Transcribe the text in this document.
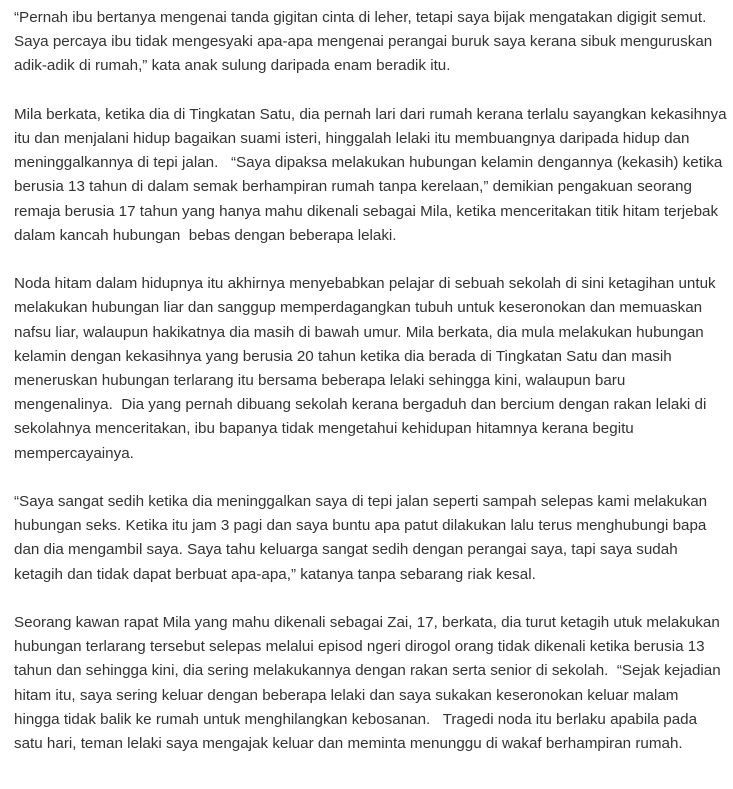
“Pernah ibu bertanya mengenai tanda gigitan cinta di leher, tetapi saya bijak mengatakan digigit semut. Saya percaya ibu tidak mengesyaki apa-apa mengenai perangai buruk saya kerana sibuk menguruskan adik-adik di rumah,” kata anak sulung daripada enam beradik itu.

Mila berkata, ketika dia di Tingkatan Satu, dia pernah lari dari rumah kerana terlalu sayangkan kekasihnya itu dan menjalani hidup bagaikan suami isteri, hinggalah lelaki itu membuangnya daripada hidup dan meninggalkannya di tepi jalan.   “Saya dipaksa melakukan hubungan kelamin dengannya (kekasih) ketika berusia 13 tahun di dalam semak berhampiran rumah tanpa kerelaan,” demikian pengakuan seorang remaja berusia 17 tahun yang hanya mahu dikenali sebagai Mila, ketika menceritakan titik hitam terjebak dalam kancah hubungan  bebas dengan beberapa lelaki.

Noda hitam dalam hidupnya itu akhirnya menyebabkan pelajar di sebuah sekolah di sini ketagihan untuk melakukan hubungan liar dan sanggup memperdagangkan tubuh untuk keseronokan dan memuaskan nafsu liar, walaupun hakikatnya dia masih di bawah umur. Mila berkata, dia mula melakukan hubungan kelamin dengan kekasihnya yang berusia 20 tahun ketika dia berada di Tingkatan Satu dan masih meneruskan hubungan terlarang itu bersama beberapa lelaki sehingga kini, walaupun baru mengenalinya.  Dia yang pernah dibuang sekolah kerana bergaduh dan bercium dengan rakan lelaki di sekolahnya menceritakan, ibu bapanya tidak mengetahui kehidupan hitamnya kerana begitu mempercayainya.

“Saya sangat sedih ketika dia meninggalkan saya di tepi jalan seperti sampah selepas kami melakukan hubungan seks. Ketika itu jam 3 pagi dan saya buntu apa patut dilakukan lalu terus menghubungi bapa dan dia mengambil saya. Saya tahu keluarga sangat sedih dengan perangai saya, tapi saya sudah ketagih dan tidak dapat berbuat apa-apa,” katanya tanpa sebarang riak kesal.

Seorang kawan rapat Mila yang mahu dikenali sebagai Zai, 17, berkata, dia turut ketagih utuk melakukan hubungan terlarang tersebut selepas melalui episod ngeri dirogol orang tidak dikenali ketika berusia 13 tahun dan sehingga kini, dia sering melakukannya dengan rakan serta senior di sekolah.  “Sejak kejadian hitam itu, saya sering keluar dengan beberapa lelaki dan saya sukakan keseronokan keluar malam hingga tidak balik ke rumah untuk menghilangkan kebosanan.   Tragedi noda itu berlaku apabila pada satu hari, teman lelaki saya mengajak keluar dan meminta menunggu di wakaf berhampiran rumah.
